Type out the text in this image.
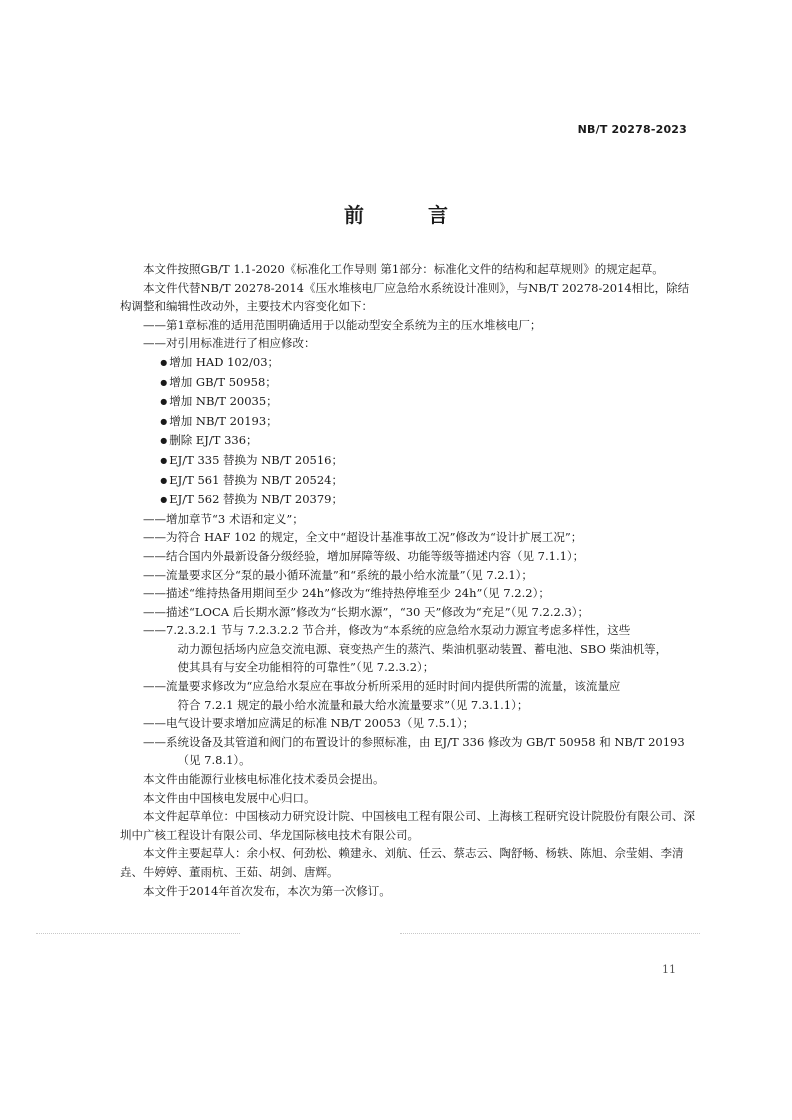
NB/T 20278-2023
前　言

本文件按照GB/T 1.1-2020《标准化工作导则 第1部分：标准化文件的结构和起草规则》的规定起草。

本文件代替NB/T 20278-2014《压水堆核电厂应急给水系统设计准则》，与NB/T 20278-2014相比，除结构调整和编辑性改动外，主要技术内容变化如下：

——第1章标准的适用范围明确适用于以能动型安全系统为主的压水堆核电厂；

——对引用标准进行了相应修改：

● 增加 HAD 102/03；

● 增加 GB/T 50958；

● 增加 NB/T 20035；

● 增加 NB/T 20193；

● 删除 EJ/T 336；

● EJ/T 335 替换为 NB/T 20516；

● EJ/T 561 替换为 NB/T 20524；

● EJ/T 562 替换为 NB/T 20379；

——增加章节“3 术语和定义”；

——为符合 HAF 102 的规定，全文中“超设计基准事故工况”修改为“设计扩展工况”；

——结合国内外最新设备分级经验，增加屏障等级、功能等级等描述内容（见 7.1.1）；

——流量要求区分“泵的最小循环流量”和“系统的最小给水流量”（见 7.2.1）；

——描述“维持热备用期间至少 24h”修改为“维持热停堆至少 24h”（见 7.2.2）；

——描述“LOCA 后长期水源”修改为“长期水源”，“30 天”修改为“充足”（见 7.2.2.3）；

——7.2.3.2.1 节与 7.2.3.2.2 节合并，修改为“本系统的应急给水泵动力源宜考虑多样性，这些

动力源包括场内应急交流电源、衰变热产生的蒸汽、柴油机驱动装置、蓄电池、SBO 柴油机等，

使其具有与安全功能相符的可靠性”（见 7.2.3.2）；

——流量要求修改为“应急给水泵应在事故分析所采用的延时时间内提供所需的流量，该流量应

符合 7.2.1 规定的最小给水流量和最大给水流量要求”（见 7.3.1.1）；

——电气设计要求增加应满足的标准 NB/T 20053（见 7.5.1）；

——系统设备及其管道和阀门的布置设计的参照标准，由 EJ/T 336 修改为 GB/T 50958 和 NB/T 20193

（见 7.8.1）。

本文件由能源行业核电标准化技术委员会提出。

本文件由中国核电发展中心归口。

本文件起草单位：中国核动力研究设计院、中国核电工程有限公司、上海核工程研究设计院股份有限公司、深圳中广核工程设计有限公司、华龙国际核电技术有限公司。

本文件主要起草人：余小权、何劲松、赖建永、刘航、任云、蔡志云、陶舒畅、杨轶、陈旭、佘莹娟、李清垚、牛婷婷、董雨杭、王茹、胡剑、唐辉。

本文件于2014年首次发布，本次为第一次修订。

11
